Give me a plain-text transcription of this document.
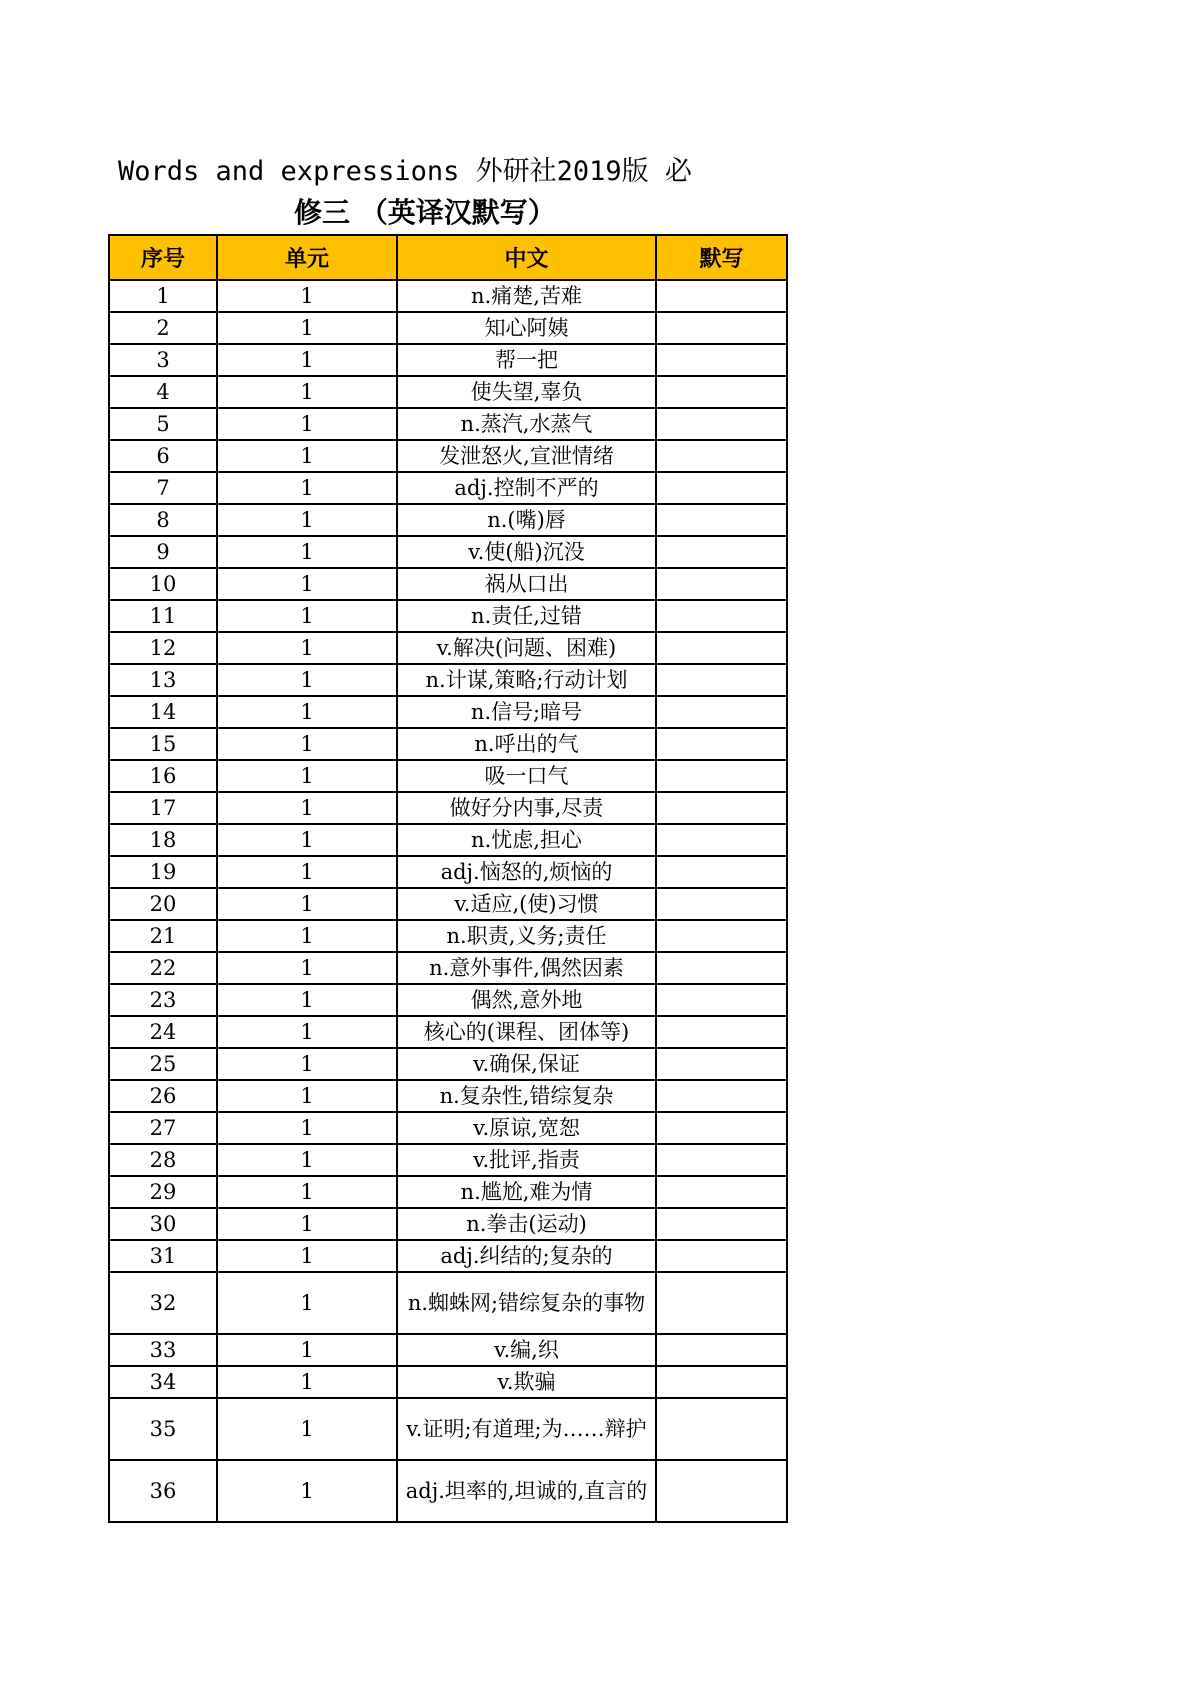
Words and expressions 外研社2019版 必
修三 （英译汉默写）
序号	单元	中文	默写
1	1	n.痛楚,苦难	
2	1	知心阿姨	
3	1	帮一把	
4	1	使失望,辜负	
5	1	n.蒸汽,水蒸气	
6	1	发泄怒火,宣泄情绪	
7	1	adj.控制不严的	
8	1	n.(嘴)唇	
9	1	v.使(船)沉没	
10	1	祸从口出	
11	1	n.责任,过错	
12	1	v.解决(问题、困难)	
13	1	n.计谋,策略;行动计划	
14	1	n.信号;暗号	
15	1	n.呼出的气	
16	1	吸一口气	
17	1	做好分内事,尽责	
18	1	n.忧虑,担心	
19	1	adj.恼怒的,烦恼的	
20	1	v.适应,(使)习惯	
21	1	n.职责,义务;责任	
22	1	n.意外事件,偶然因素	
23	1	偶然,意外地	
24	1	核心的(课程、团体等)	
25	1	v.确保,保证	
26	1	n.复杂性,错综复杂	
27	1	v.原谅,宽恕	
28	1	v.批评,指责	
29	1	n.尴尬,难为情	
30	1	n.拳击(运动)	
31	1	adj.纠结的;复杂的	
32	1	n.蜘蛛网;错综复杂的事物	
33	1	v.编,织	
34	1	v.欺骗	
35	1	v.证明;有道理;为……辩护	
36	1	adj.坦率的,坦诚的,直言的	
